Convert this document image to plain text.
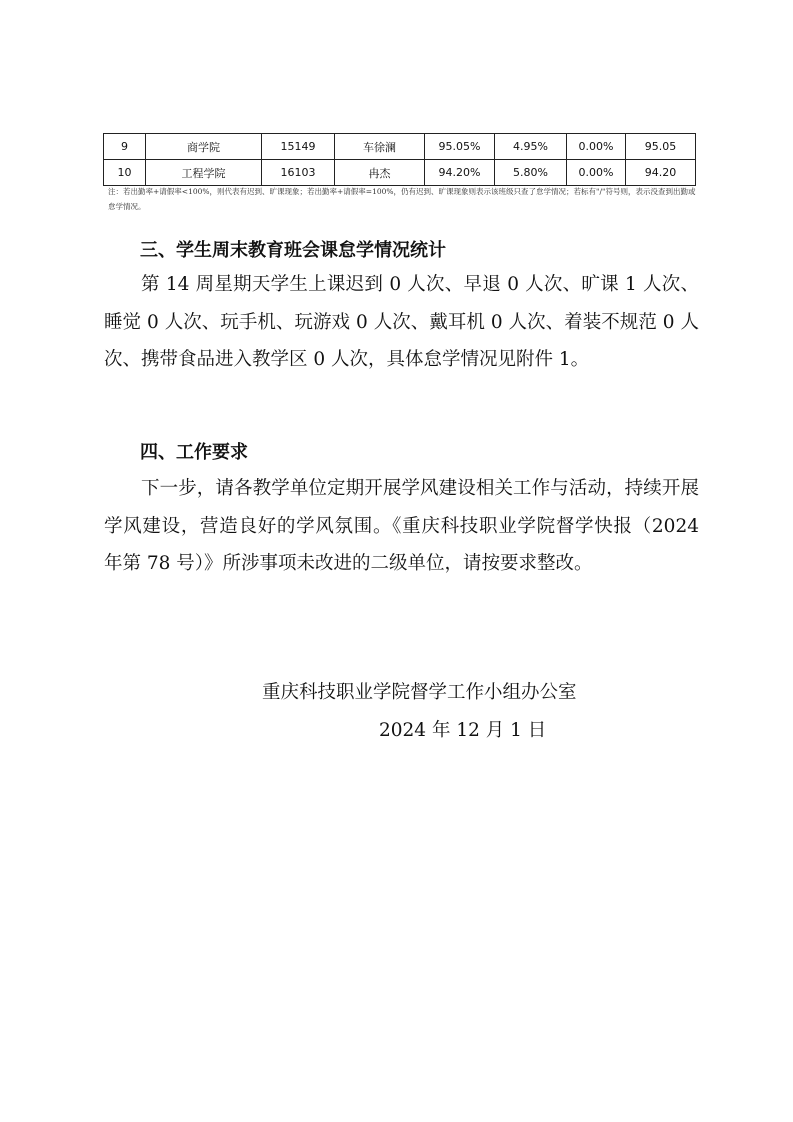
9	商学院	15149	车徐澜	95.05%	4.95%	0.00%	95.05
10	工程学院	16103	冉杰	94.20%	5.80%	0.00%	94.20
注：若出勤率+请假率<100%，则代表有迟到、旷课现象；若出勤率+请假率=100%，仍有迟到、旷课现象则表示该班级只查了怠学情况；若标有"/"符号则，表示没查到出勤或怠学情况。
三、学生周末教育班会课怠学情况统计

第 14 周星期天学生上课迟到 0 人次、早退 0 人次、旷课 1 人次、睡觉 0 人次、玩手机、玩游戏 0 人次、戴耳机 0 人次、着装不规范 0 人次、携带食品进入教学区 0 人次，具体怠学情况见附件 1。

四、工作要求

下一步，请各教学单位定期开展学风建设相关工作与活动，持续开展学风建设，营造良好的学风氛围。《重庆科技职业学院督学快报（2024 年第 78 号）》所涉事项未改进的二级单位，请按要求整改。

重庆科技职业学院督学工作小组办公室
2024 年 12 月 1 日
